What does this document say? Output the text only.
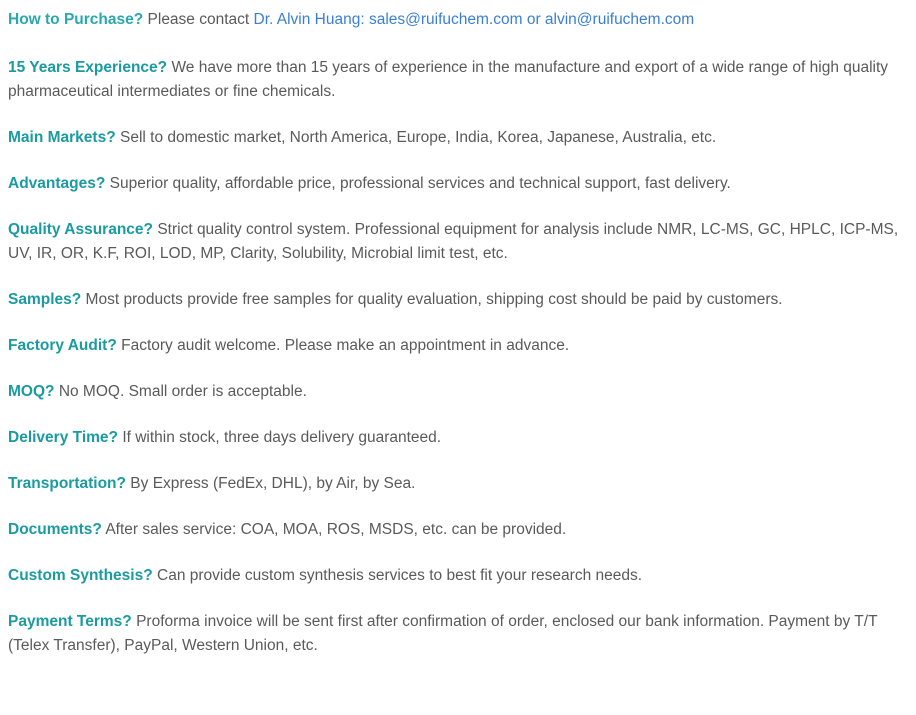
How to Purchase? Please contact Dr. Alvin Huang: sales@ruifuchem.com or alvin@ruifuchem.com

15 Years Experience? We have more than 15 years of experience in the manufacture and export of a wide range of high quality pharmaceutical intermediates or fine chemicals.

Main Markets? Sell to domestic market, North America, Europe, India, Korea, Japanese, Australia, etc.

Advantages? Superior quality, affordable price, professional services and technical support, fast delivery.

Quality Assurance? Strict quality control system. Professional equipment for analysis include NMR, LC-MS, GC, HPLC, ICP-MS, UV, IR, OR, K.F, ROI, LOD, MP, Clarity, Solubility, Microbial limit test, etc.

Samples? Most products provide free samples for quality evaluation, shipping cost should be paid by customers.

Factory Audit? Factory audit welcome. Please make an appointment in advance.

MOQ? No MOQ. Small order is acceptable.

Delivery Time? If within stock, three days delivery guaranteed.

Transportation? By Express (FedEx, DHL), by Air, by Sea.

Documents? After sales service: COA, MOA, ROS, MSDS, etc. can be provided.

Custom Synthesis? Can provide custom synthesis services to best fit your research needs.

Payment Terms? Proforma invoice will be sent first after confirmation of order, enclosed our bank information. Payment by T/T (Telex Transfer), PayPal, Western Union, etc.
